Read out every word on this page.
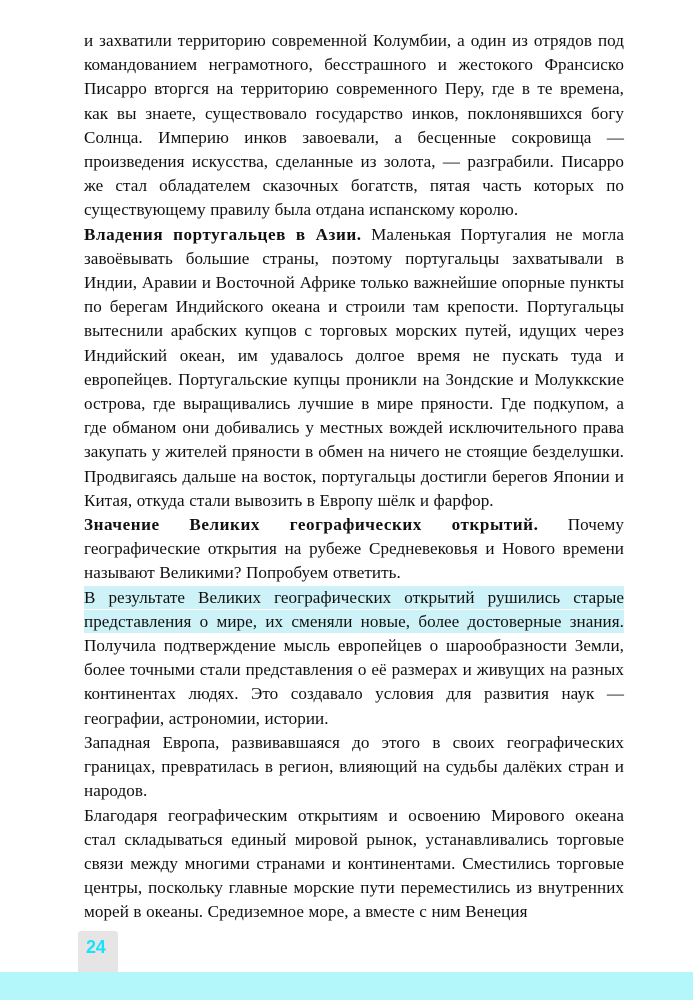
и захватили территорию современной Колумбии, а один из отрядов под командованием неграмотного, бесстрашного и жестокого Франсиско Писарро вторгся на территорию современного Перу, где в те времена, как вы знаете, существовало государство инков, поклонявшихся богу Солнца. Империю инков завоевали, а бесценные сокровища — произведения искусства, сделанные из золота, — разграбили. Писарро же стал обладателем сказочных богатств, пятая часть которых по существующему правилу была отдана испанскому королю.

Владения португальцев в Азии. Маленькая Португалия не могла завоёвывать большие страны, поэтому португальцы захватывали в Индии, Аравии и Восточной Африке только важнейшие опорные пункты по берегам Индийского океана и строили там крепости. Португальцы вытеснили арабских купцов с торговых морских путей, идущих через Индийский океан, им удавалось долгое время не пускать туда и европейцев. Португальские купцы проникли на Зондские и Молуккские острова, где выращивались лучшие в мире пряности. Где подкупом, а где обманом они добивались у местных вождей исключительного права закупать у жителей пряности в обмен на ничего не стоящие безделушки. Продвигаясь дальше на восток, португальцы достигли берегов Японии и Китая, откуда стали вывозить в Европу шёлк и фарфор.

Значение Великих географических открытий. Почему географические открытия на рубеже Средневековья и Нового времени называют Великими? Попробуем ответить.

В результате Великих географических открытий рушились старые представления о мире, их сменяли новые, более достоверные знания. Получила подтверждение мысль европейцев о шарообразности Земли, более точными стали представления о её размерах и живущих на разных континентах людях. Это создавало условия для развития наук — географии, астрономии, истории.

Западная Европа, развивавшаяся до этого в своих географических границах, превратилась в регион, влияющий на судьбы далёких стран и народов.

Благодаря географическим открытиям и освоению Мирового океана стал складываться единый мировой рынок, устанавливались торговые связи между многими странами и континентами. Сместились торговые центры, поскольку главные морские пути переместились из внутренних морей в океаны. Средиземное море, а вместе с ним Венеция

24
